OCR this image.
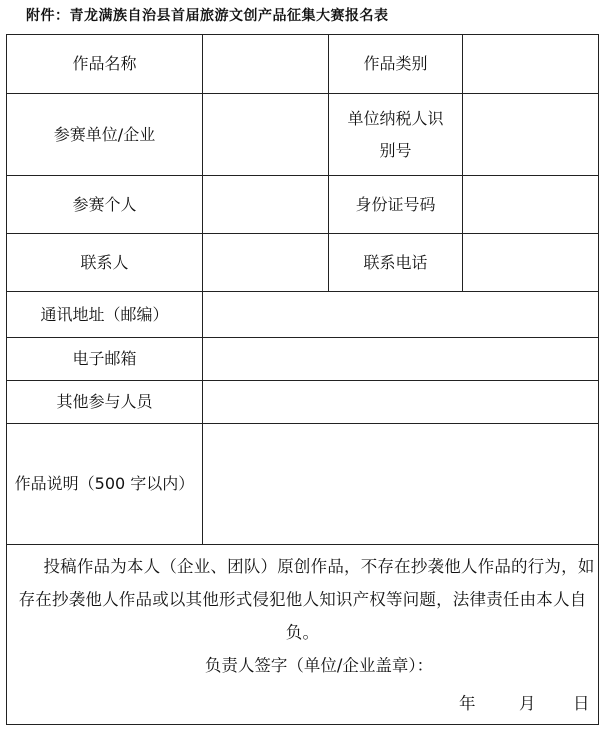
附件：青龙满族自治县首届旅游文创产品征集大赛报名表
作品名称		作品类别	
参赛单位/企业		单位纳税人识
别号	

参赛个人		身份证号码	
联系人		联系电话	
通讯地址（邮编）			
电子邮箱			
其他参与人员			
作品说明（500 字以内）			

投稿作品为本人（企业、团队）原创作品，不存在抄袭他人作品的行为，如存在抄袭他人作品或以其他形式侵犯他人知识产权等问题，法律责任由本人自负。

负责人签字（单位/企业盖章）：

年 月 日			
